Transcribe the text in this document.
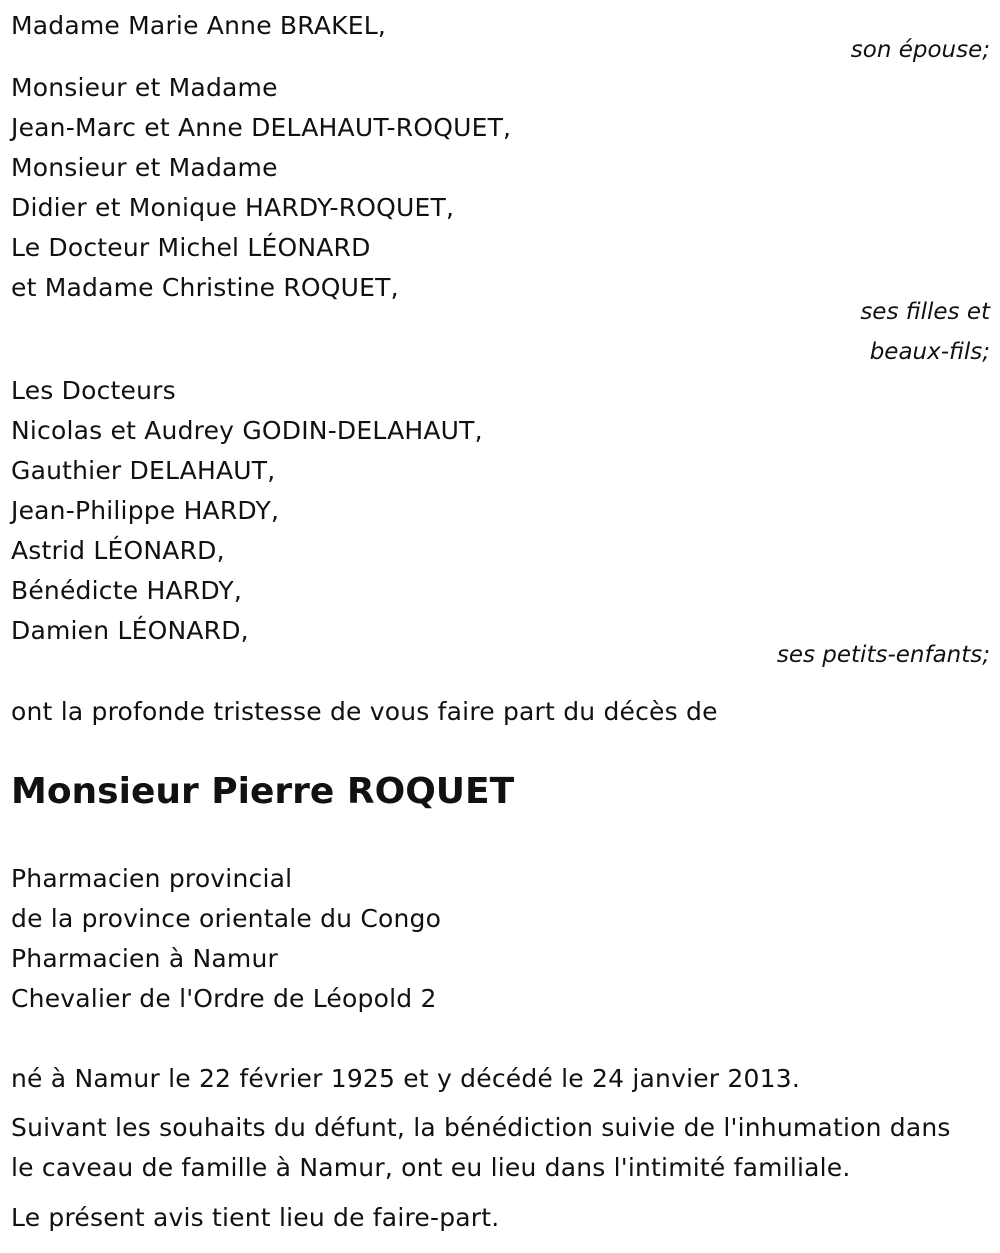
Madame Marie Anne BRAKEL,
son épouse;
Monsieur et Madame
Jean-Marc et Anne DELAHAUT-ROQUET,
Monsieur et Madame
Didier et Monique HARDY-ROQUET,
Le Docteur Michel LÉONARD
et Madame Christine ROQUET,
ses filles et
beaux-fils;
Les Docteurs
Nicolas et Audrey GODIN-DELAHAUT,
Gauthier DELAHAUT,
Jean-Philippe HARDY,
Astrid LÉONARD,
Bénédicte HARDY,
Damien LÉONARD,
ses petits-enfants;
ont la profonde tristesse de vous faire part du décès de
Monsieur Pierre ROQUET
Pharmacien provincial
de la province orientale du Congo
Pharmacien à Namur
Chevalier de l'Ordre de Léopold 2
né à Namur le 22 février 1925 et y décédé le 24 janvier 2013.
Suivant les souhaits du défunt, la bénédiction suivie de l'inhumation dans
le caveau de famille à Namur, ont eu lieu dans l'intimité familiale.
Le présent avis tient lieu de faire-part.
